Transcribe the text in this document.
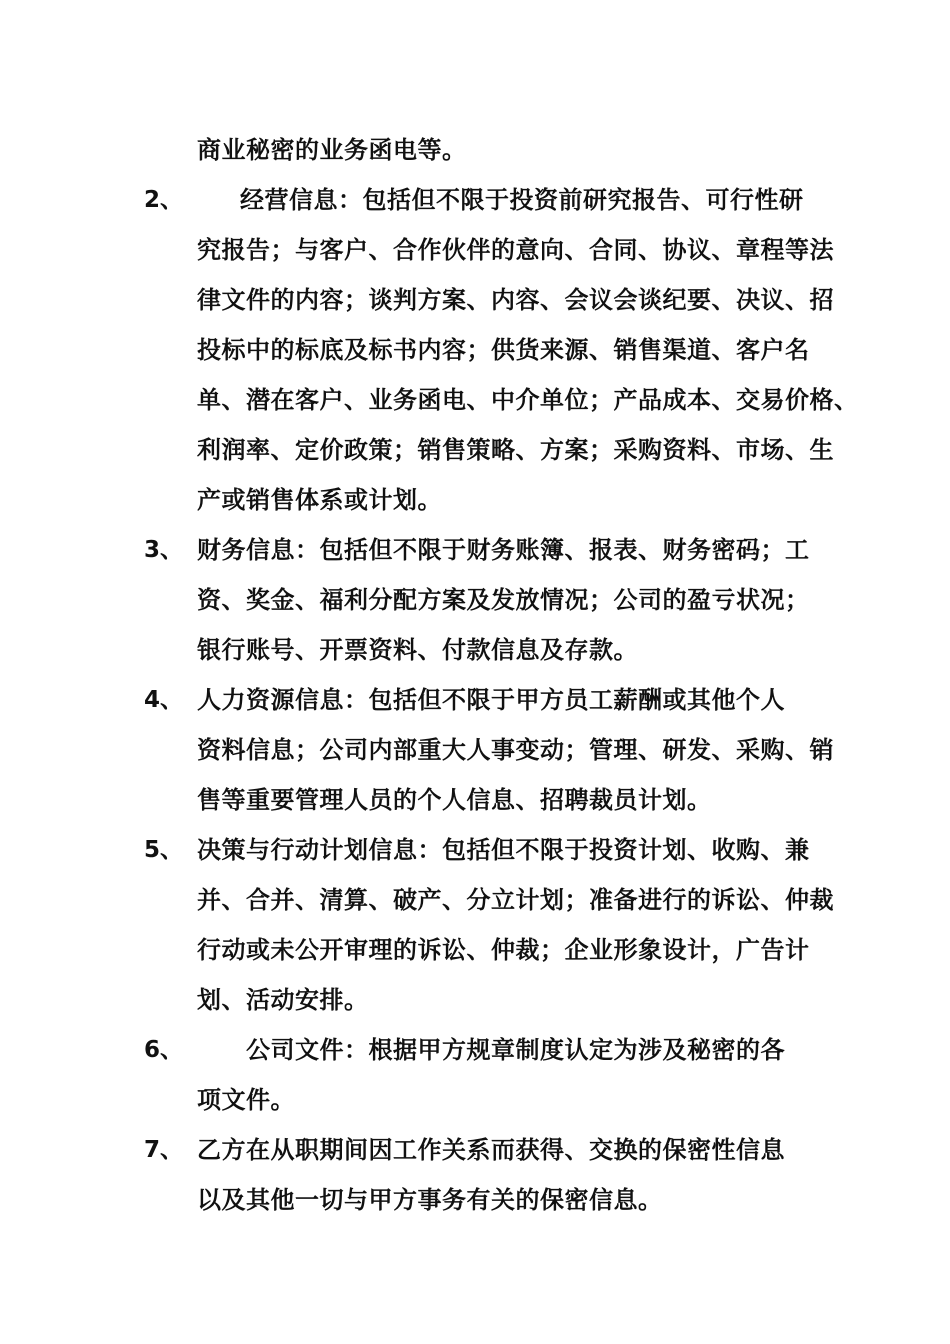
商业秘密的业务函电等。
2、 经营信息：包括但不限于投资前研究报告、可行性研
究报告；与客户、合作伙伴的意向、合同、协议、章程等法
律文件的内容；谈判方案、内容、会议会谈纪要、决议、招
投标中的标底及标书内容；供货来源、销售渠道、客户名
单、潜在客户、业务函电、中介单位；产品成本、交易价格、
利润率、定价政策；销售策略、方案；采购资料、市场、生
产或销售体系或计划。
3、 财务信息：包括但不限于财务账簿、报表、财务密码；工
资、奖金、福利分配方案及发放情况；公司的盈亏状况；
银行账号、开票资料、付款信息及存款。
4、 人力资源信息：包括但不限于甲方员工薪酬或其他个人
资料信息；公司内部重大人事变动；管理、研发、采购、销
售等重要管理人员的个人信息、招聘裁员计划。
5、 决策与行动计划信息：包括但不限于投资计划、收购、兼
并、合并、清算、破产、分立计划；准备进行的诉讼、仲裁
行动或未公开审理的诉讼、仲裁；企业形象设计，广告计
划、活动安排。
6、	公司文件：根据甲方规章制度认定为涉及秘密的各
项文件。
7、 乙方在从职期间因工作关系而获得、交换的保密性信息
以及其他一切与甲方事务有关的保密信息。
